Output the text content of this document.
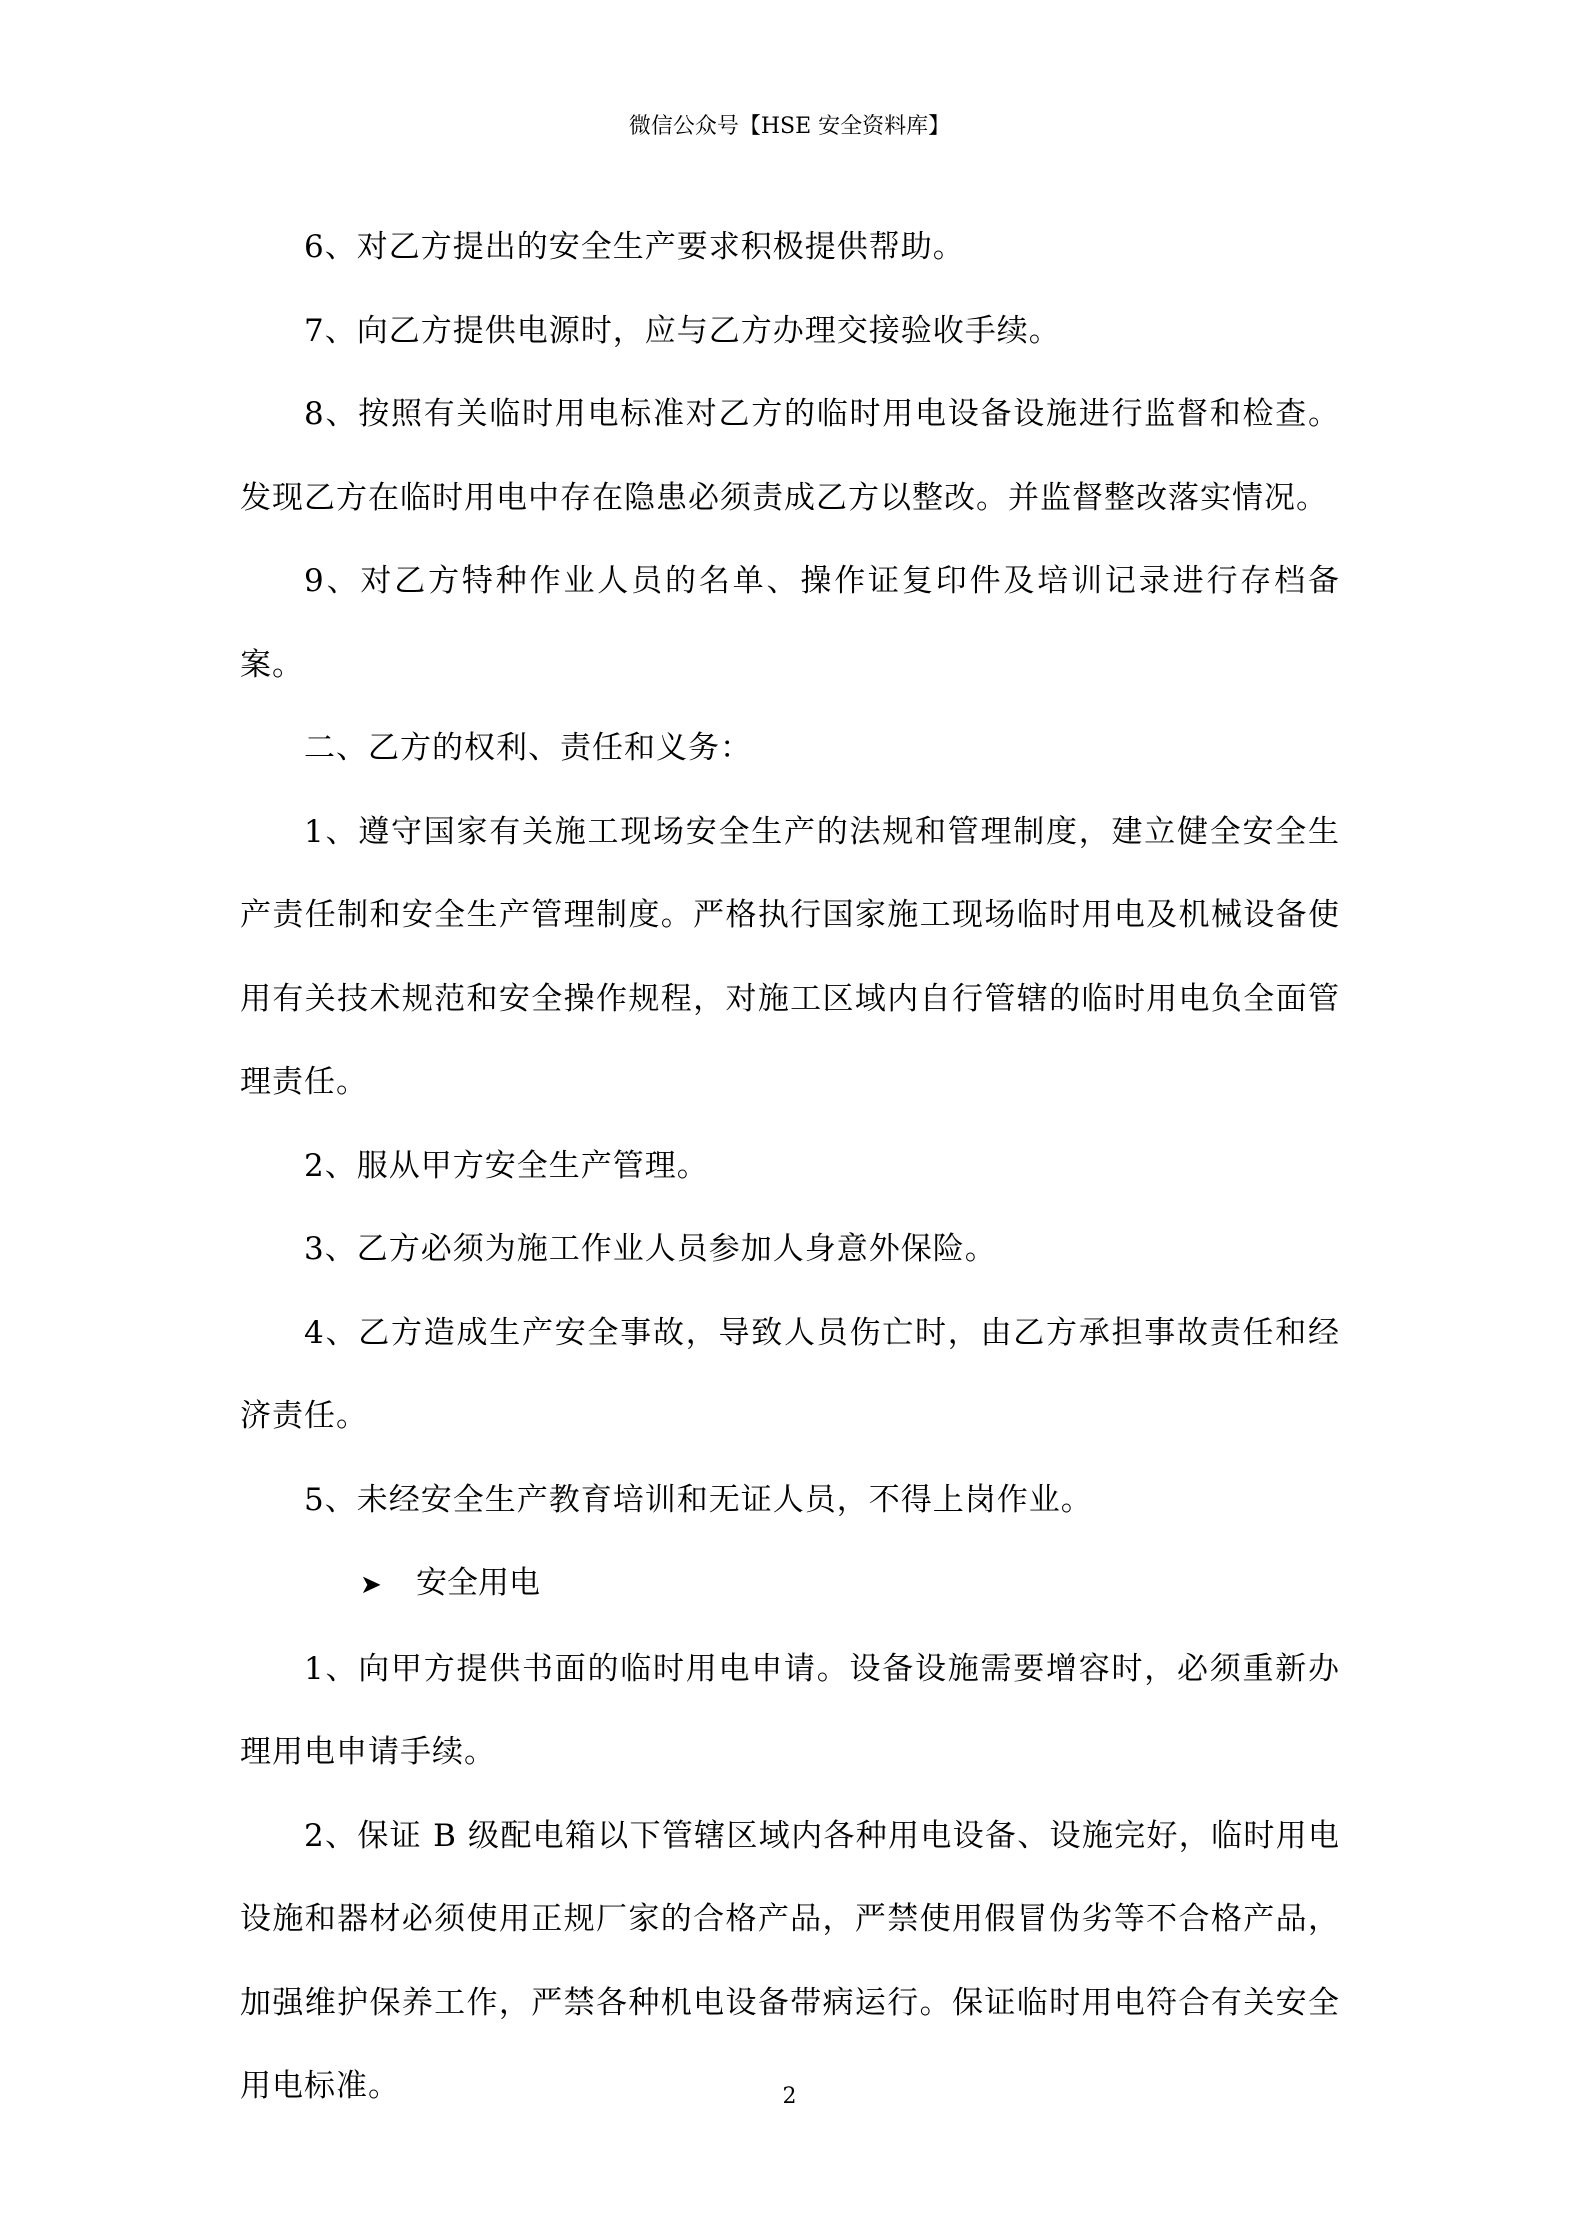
微信公众号【HSE 安全资料库】

6、对乙方提出的安全生产要求积极提供帮助。

7、向乙方提供电源时，应与乙方办理交接验收手续。

8、按照有关临时用电标准对乙方的临时用电设备设施进行监督和检查。发现乙方在临时用电中存在隐患必须责成乙方以整改。并监督整改落实情况。

9、对乙方特种作业人员的名单、操作证复印件及培训记录进行存档备案。

二、乙方的权利、责任和义务：

1、遵守国家有关施工现场安全生产的法规和管理制度，建立健全安全生产责任制和安全生产管理制度。严格执行国家施工现场临时用电及机械设备使用有关技术规范和安全操作规程，对施工区域内自行管辖的临时用电负全面管理责任。

2、服从甲方安全生产管理。

3、乙方必须为施工作业人员参加人身意外保险。

4、乙方造成生产安全事故，导致人员伤亡时，由乙方承担事故责任和经济责任。

5、未经安全生产教育培训和无证人员，不得上岗作业。

➤ 安全用电

1、向甲方提供书面的临时用电申请。设备设施需要增容时，必须重新办理用电申请手续。

2、保证 B 级配电箱以下管辖区域内各种用电设备、设施完好，临时用电设施和器材必须使用正规厂家的合格产品，严禁使用假冒伪劣等不合格产品，加强维护保养工作，严禁各种机电设备带病运行。保证临时用电符合有关安全用电标准。	2
